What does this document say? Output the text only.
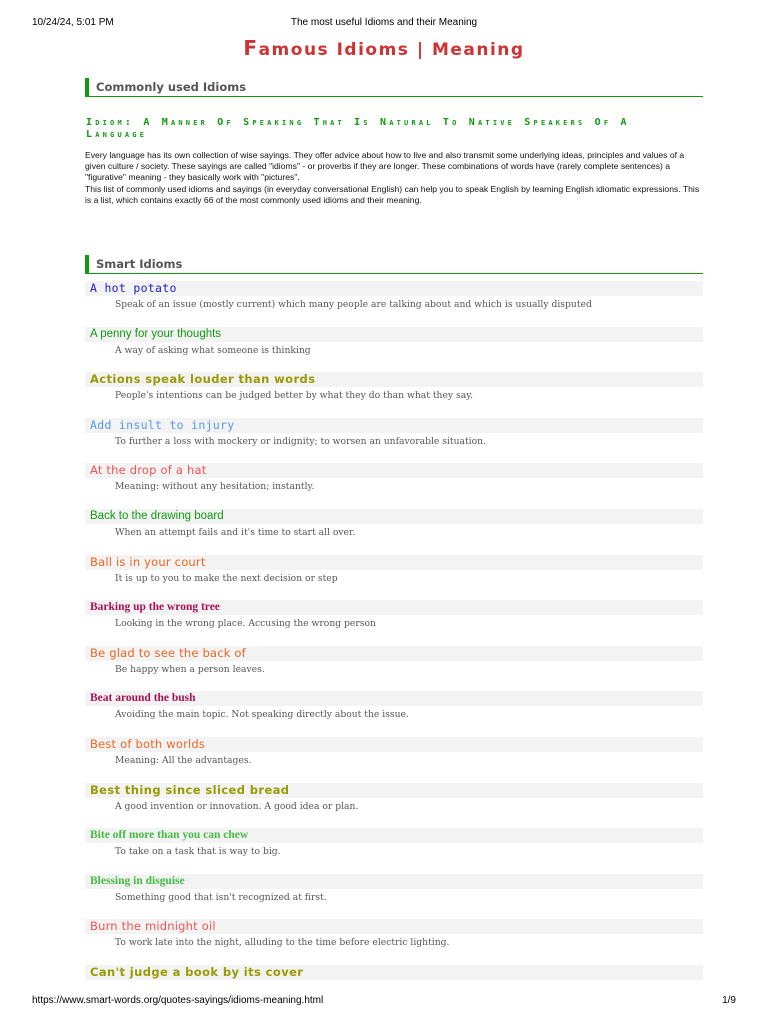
10/24/24, 5:01 PM	The most useful Idioms and their Meaning
Famous Idioms | Meaning
Commonly used Idioms
Idiom: A Manner Of Speaking That Is Natural To Native Speakers Of A Language

Every language has its own collection of wise sayings. They offer advice about how to live and also transmit some underlying ideas, principles and values of a given culture / society. These sayings are called "idioms" - or proverbs if they are longer. These combinations of words have (rarely complete sentences) a "figurative" meaning - they basically work with "pictures".

This list of commonly used idioms and sayings (in everyday conversational English) can help you to speak English by learning English idiomatic expressions. This is a list, which contains exactly 66 of the most commonly used idioms and their meaning.

Smart Idioms
A hot potato
Speak of an issue (mostly current) which many people are talking about and which is usually disputed
A penny for your thoughts
A way of asking what someone is thinking
Actions speak louder than words
People's intentions can be judged better by what they do than what they say.
Add insult to injury
To further a loss with mockery or indignity; to worsen an unfavorable situation.
At the drop of a hat
Meaning: without any hesitation; instantly.
Back to the drawing board
When an attempt fails and it's time to start all over.
Ball is in your court
It is up to you to make the next decision or step
Barking up the wrong tree
Looking in the wrong place. Accusing the wrong person
Be glad to see the back of
Be happy when a person leaves.
Beat around the bush
Avoiding the main topic. Not speaking directly about the issue.
Best of both worlds
Meaning: All the advantages.
Best thing since sliced bread
A good invention or innovation. A good idea or plan.
Bite off more than you can chew
To take on a task that is way to big.
Blessing in disguise
Something good that isn't recognized at first.
Burn the midnight oil
To work late into the night, alluding to the time before electric lighting.
Can't judge a book by its cover
https://www.smart-words.org/quotes-sayings/idioms-meaning.html	1/9
